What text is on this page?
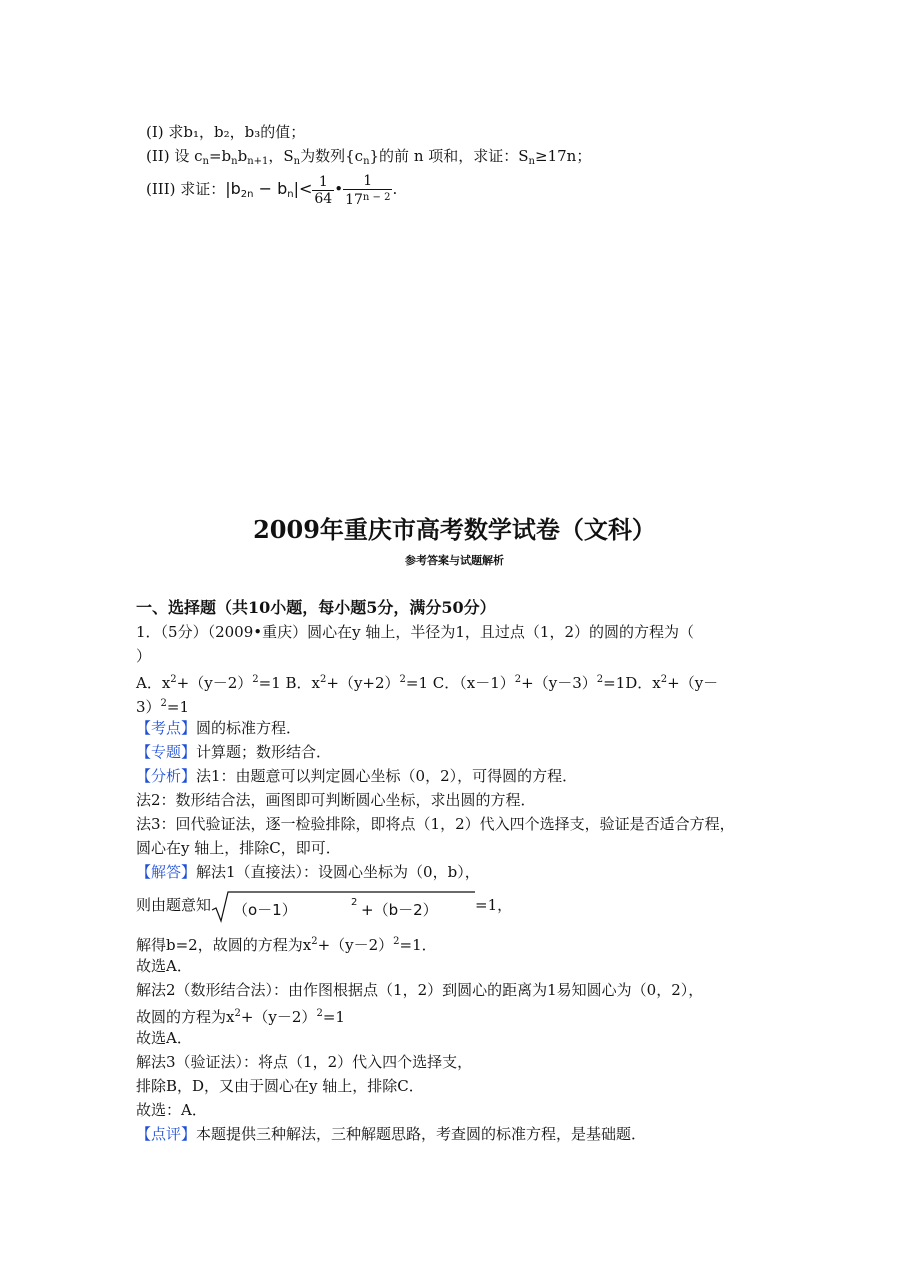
(I) 求b₁，b₂，b₃的值；
(II) 设 $c_n=b_nb_{n+1}$，$S_n$为数列$\{c_n\}$的前 n 项和，求证：$S_n\ge 17n$；
(III) 求证：$|b_{2n} - b_n|< \frac{1}{64}$ • $\frac{1}{17^{n - 2}}$ .
2009年重庆市高考数学试卷（文科）
参考答案与试题解析
一、选择题（共10小题，每小题5分，满分50分）
1．（5分）（2009•重庆）圆心在y 轴上，半径为1，且过点（1，2）的圆的方程为（
）
A．$x^2+(y-2)^2=1$ B．$x^2+(y+2)^2=1$ C．$(x-1)^2+(y-3)^2=1D$．$x^2+(y-$
3）$^2$=1
【考点】圆的标准方程．
【专题】计算题；数形结合．
【分析】法1：由题意可以判定圆心坐标（0，2），可得圆的方程．
法2：数形结合法，画图即可判断圆心坐标，求出圆的方程．
法3：回代验证法，逐一检验排除，即将点（1，2）代入四个选择支，验证是否适合方程，
圆心在y 轴上，排除C，即可．
【解答】解法1（直接法）：设圆心坐标为（0，b），
则由题意知 （o－1）	2 +（b－2） =1，
解得b=2，故圆的方程为$x^2+(y-2)^2=1$．
故选A．
解法2（数形结合法）：由作图根据点（1，2）到圆心的距离为1易知圆心为（0，2），
故圆的方程为$x^2+(y-2)^2=1$
故选A．
解法3（验证法）：将点（1，2）代入四个选择支，
排除B，D，又由于圆心在y 轴上，排除C．
故选：A．
【点评】本题提供三种解法，三种解题思路，考查圆的标准方程，是基础题．
